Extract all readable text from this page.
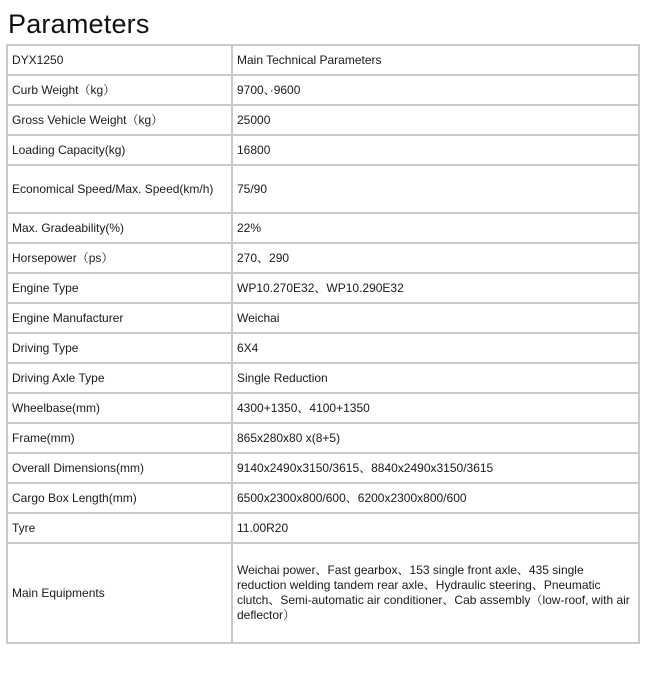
Parameters
DYX1250	Main Technical Parameters
Curb Weight（kg）	9700、·9600
Gross Vehicle Weight（kg）	25000
Loading Capacity(kg)	16800
Economical Speed/Max. Speed(km/h)	75/90
Max. Gradeability(%)	22%
Horsepower（ps）	270、290
Engine Type	WP10.270E32、WP10.290E32
Engine Manufacturer	Weichai
Driving Type	6X4
Driving Axle Type	Single Reduction
Wheelbase(mm)	4300+1350、4100+1350
Frame(mm)	865x280x80 x(8+5)
Overall Dimensions(mm)	9140x2490x3150/3615、8840x2490x3150/3615
Cargo Box Length(mm)	6500x2300x800/600、6200x2300x800/600
Tyre	11.00R20
Main Equipments	Weichai power、Fast gearbox、153 single front axle、435 single reduction welding tandem rear axle、Hydraulic steering、Pneumatic clutch、Semi-automatic air conditioner、Cab assembly（low-roof, with air deflector）
